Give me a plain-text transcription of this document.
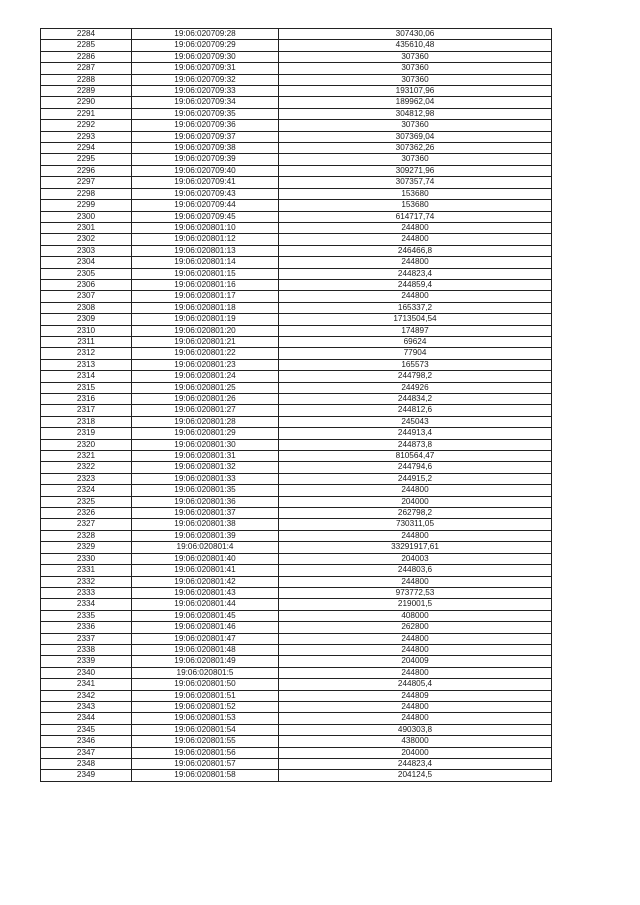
2284	19:06:020709:28	307430,06
2285	19:06:020709:29	435610,48
2286	19:06:020709:30	307360
2287	19:06:020709:31	307360
2288	19:06:020709:32	307360
2289	19:06:020709:33	193107,96
2290	19:06:020709:34	189962,04
2291	19:06:020709:35	304812,98
2292	19:06:020709:36	307360
2293	19:06:020709:37	307369,04
2294	19:06:020709:38	307362,26
2295	19:06:020709:39	307360
2296	19:06:020709:40	309271,96
2297	19:06:020709:41	307357,74
2298	19:06:020709:43	153680
2299	19:06:020709:44	153680
2300	19:06:020709:45	614717,74
2301	19:06:020801:10	244800
2302	19:06:020801:12	244800
2303	19:06:020801:13	246466,8
2304	19:06:020801:14	244800
2305	19:06:020801:15	244823,4
2306	19:06:020801:16	244859,4
2307	19:06:020801:17	244800
2308	19:06:020801:18	165337,2
2309	19:06:020801:19	1713504,54
2310	19:06:020801:20	174897
2311	19:06:020801:21	69624
2312	19:06:020801:22	77904
2313	19:06:020801:23	165573
2314	19:06:020801:24	244798,2
2315	19:06:020801:25	244926
2316	19:06:020801:26	244834,2
2317	19:06:020801:27	244812,6
2318	19:06:020801:28	245043
2319	19:06:020801:29	244913,4
2320	19:06:020801:30	244873,8
2321	19:06:020801:31	810564,47
2322	19:06:020801:32	244794,6
2323	19:06:020801:33	244915,2
2324	19:06:020801:35	244800
2325	19:06:020801:36	204000
2326	19:06:020801:37	262798,2
2327	19:06:020801:38	730311,05
2328	19:06:020801:39	244800
2329	19:06:020801:4	33291917,61
2330	19:06:020801:40	204003
2331	19:06:020801:41	244803,6
2332	19:06:020801:42	244800
2333	19:06:020801:43	973772,53
2334	19:06:020801:44	219001,5
2335	19:06:020801:45	408000
2336	19:06:020801:46	262800
2337	19:06:020801:47	244800
2338	19:06:020801:48	244800
2339	19:06:020801:49	204009
2340	19:06:020801:5	244800
2341	19:06:020801:50	244805,4
2342	19:06:020801:51	244809
2343	19:06:020801:52	244800
2344	19:06:020801:53	244800
2345	19:06:020801:54	490303,8
2346	19:06:020801:55	438000
2347	19:06:020801:56	204000
2348	19:06:020801:57	244823,4
2349	19:06:020801:58	204124,5
